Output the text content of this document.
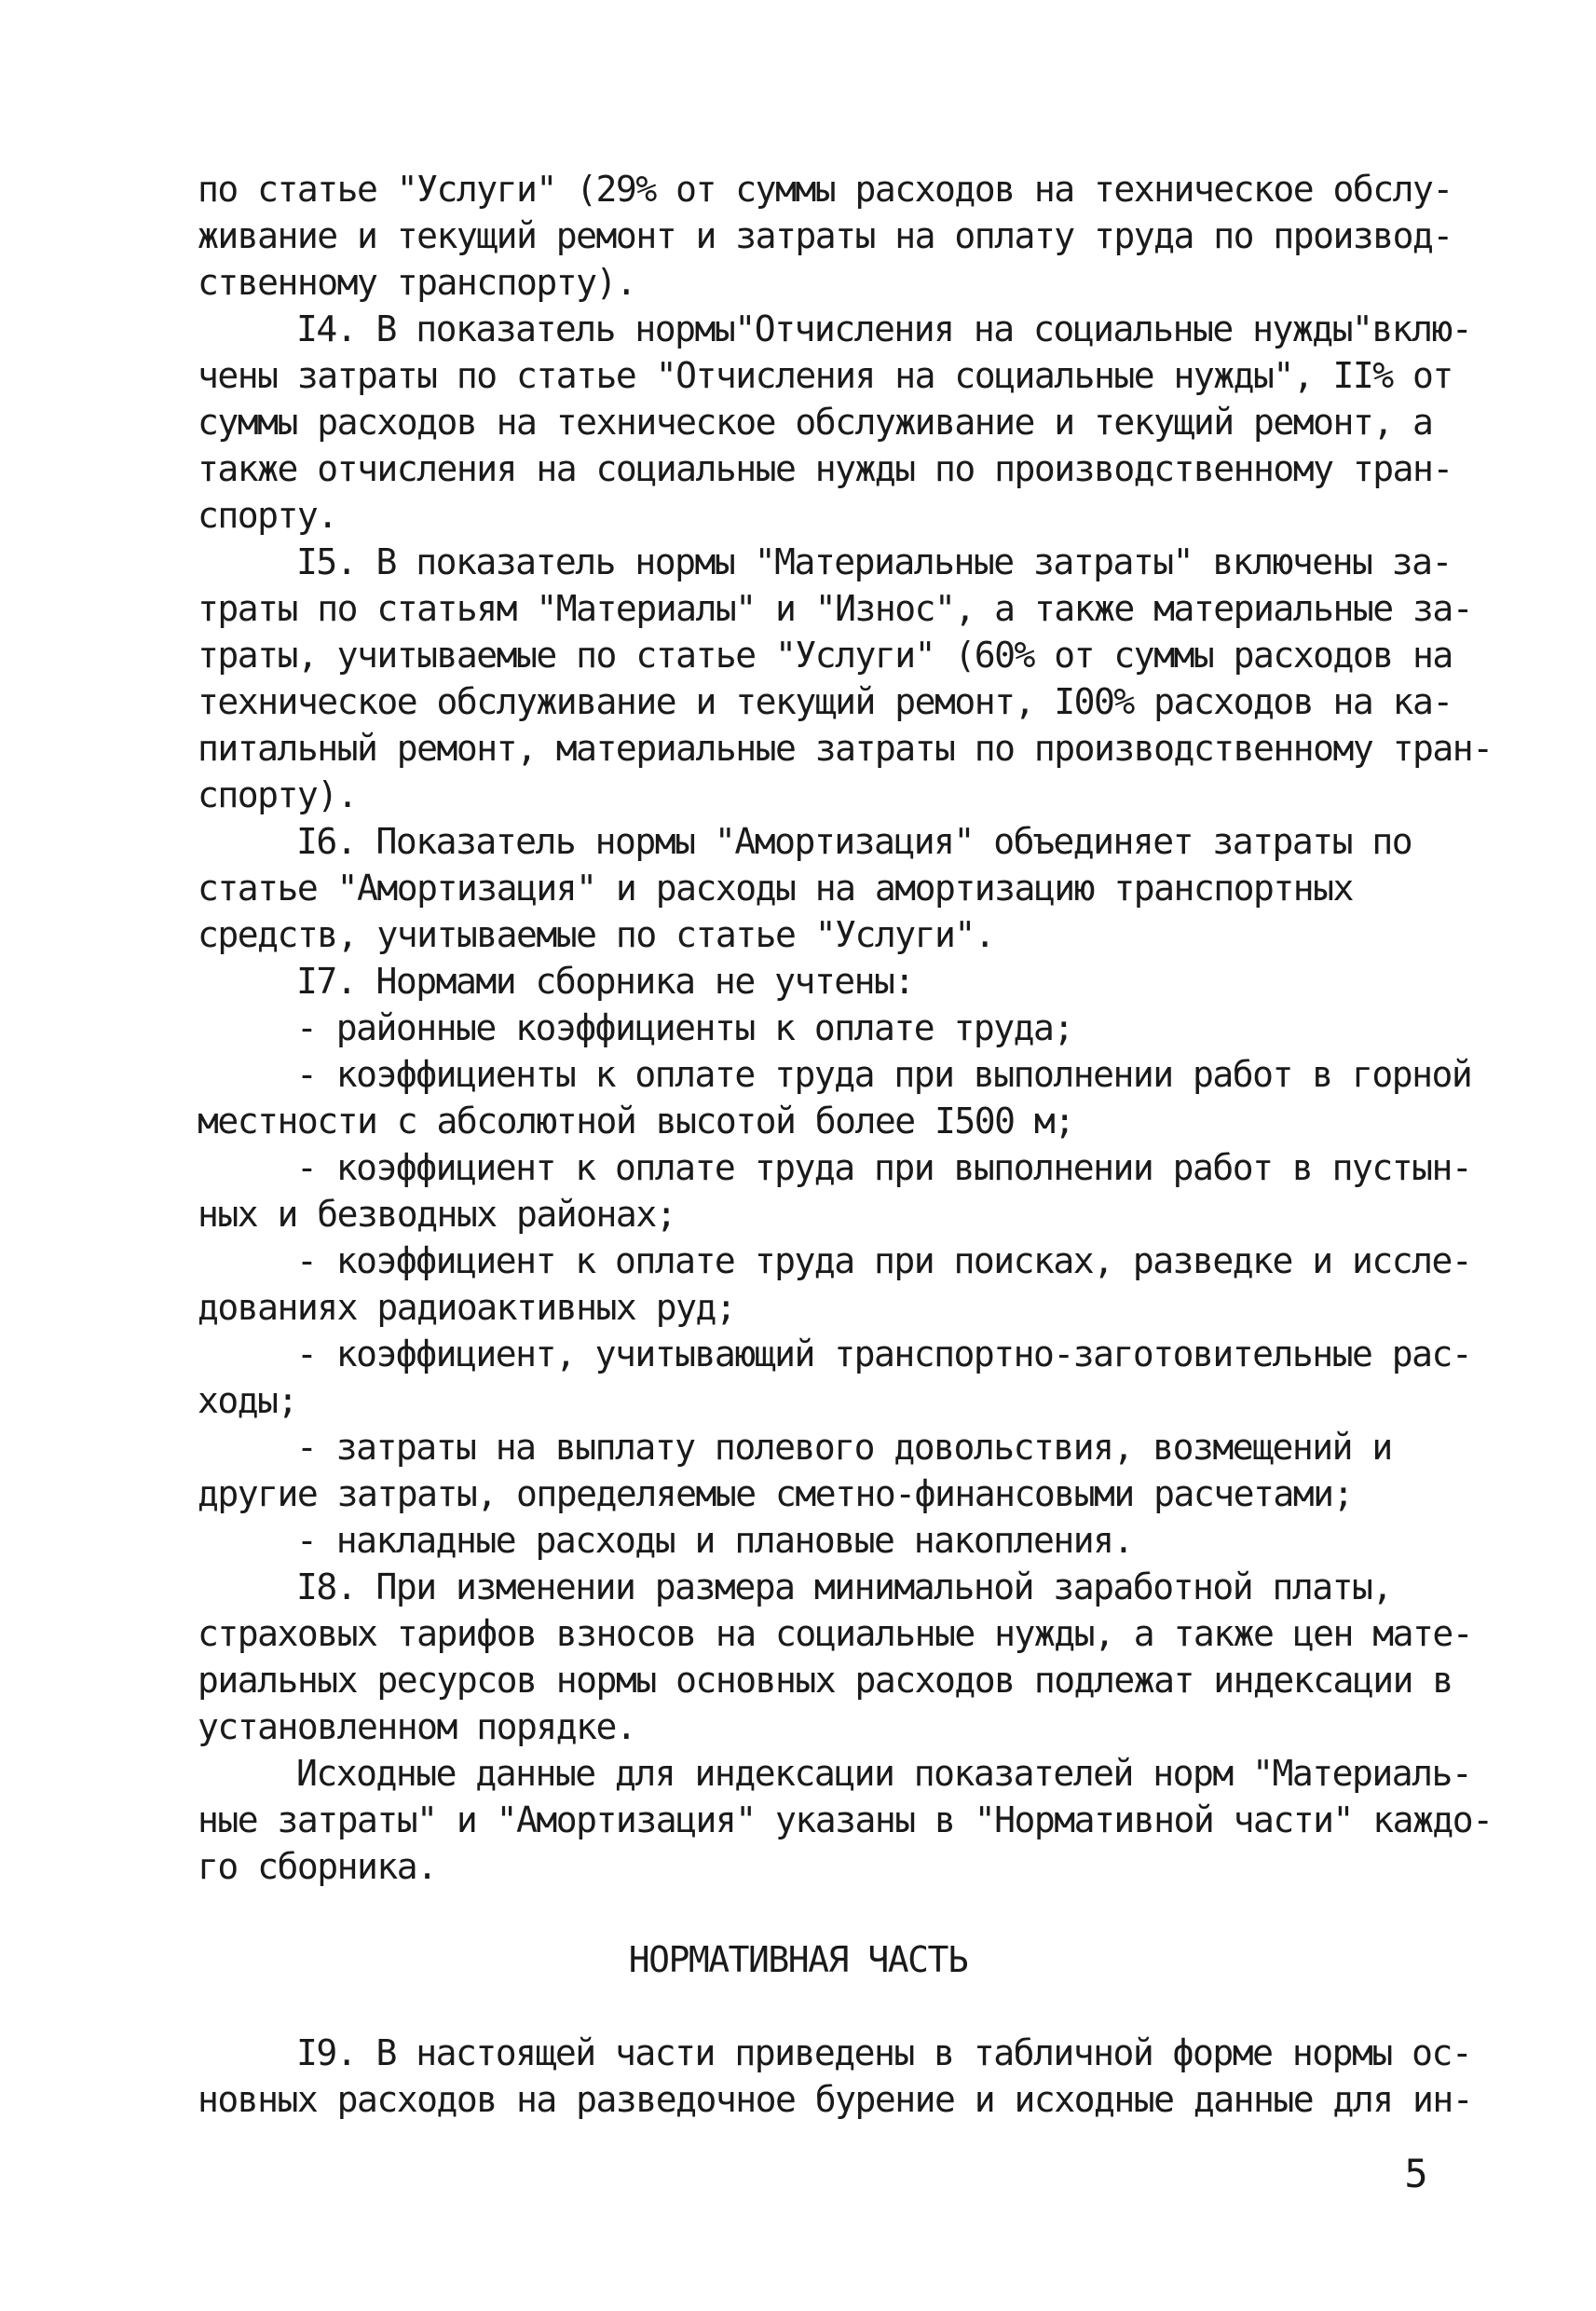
по статье "Услуги" (29% от суммы расходов на техническое обслу-
живание и текущий ремонт и затраты на оплату труда по производ-
ственному транспорту).
I4. В показатель нормы"Отчисления на социальные нужды"вклю-
чены затраты по статье "Отчисления на социальные нужды", II% от
суммы расходов на техническое обслуживание и текущий ремонт, а
также отчисления на социальные нужды по производственному тран-
спорту.
I5. В показатель нормы "Материальные затраты" включены за-
траты по статьям "Материалы" и "Износ", а также материальные за-
траты, учитываемые по статье "Услуги" (60% от суммы расходов на
техническое обслуживание и текущий ремонт, I00% расходов на ка-
питальный ремонт, материальные затраты по производственному тран-
спорту).
I6. Показатель нормы "Амортизация" объединяет затраты по
статье "Амортизация" и расходы на амортизацию транспортных
средств, учитываемые по статье "Услуги".
I7. Нормами сборника не учтены:
- районные коэффициенты к оплате труда;
- коэффициенты к оплате труда при выполнении работ в горной
местности с абсолютной высотой более I500 м;
- коэффициент к оплате труда при выполнении работ в пустын-
ных и безводных районах;
- коэффициент к оплате труда при поисках, разведке и иссле-
дованиях радиоактивных руд;
- коэффициент, учитывающий транспортно-заготовительные рас-
ходы;
- затраты на выплату полевого довольствия, возмещений и
другие затраты, определяемые сметно-финансовыми расчетами;
- накладные расходы и плановые накопления.
I8. При изменении размера минимальной заработной платы,
страховых тарифов взносов на социальные нужды, а также цен мате-
риальных ресурсов нормы основных расходов подлежат индексации в
установленном порядке.
Исходные данные для индексации показателей норм "Материаль-
ные затраты" и "Амортизация" указаны в "Нормативной части" каждо-
го сборника.
НОРМАТИВНАЯ ЧАСТЬ
I9. В настоящей части приведены в табличной форме нормы ос-
новных расходов на разведочное бурение и исходные данные для ин-
5
